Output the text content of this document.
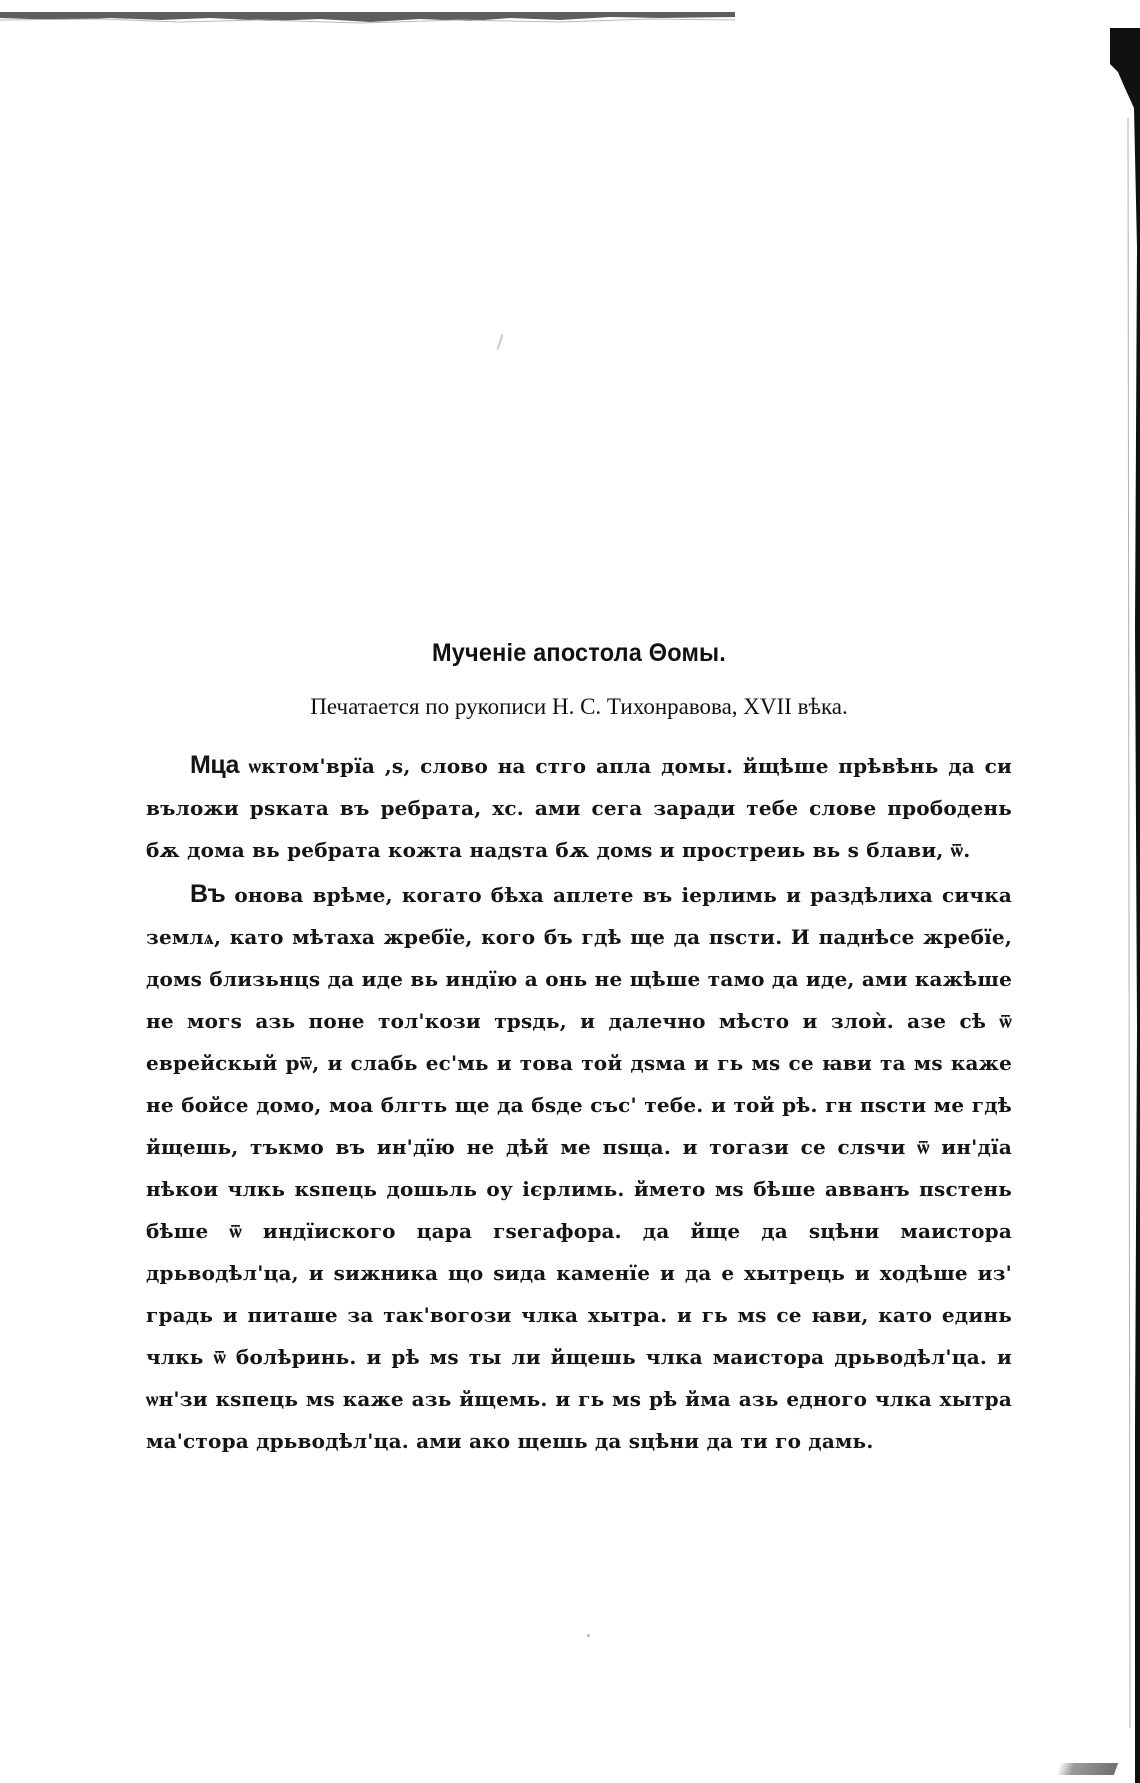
Мученіе апостола Θомы.

Печатается по рукописи Н. С. Тихонравова, XVII вѣка.

Мца ѡктом'врїа ,ѕ, слово на стго апла домы. йщѣше прѣвѣнь да си въложи рѕката въ ребрата, хс. ами сега заради тебе слове прободень бѫ дома вь ребрата кожта надѕта бѫ домѕ и простреиь вь ѕ блави, ѿ.

Въ онова врѣме, когато бѣха аплете въ іерлимь и раздѣлиха сичка землѧ, като мѣтаха жребїе, кого бъ гдѣ ще да пѕсти. И паднѣсе жребїе, домѕ близьнцѕ да иде вь индїю а онь не щѣше тамо да иде, ами кажѣше не могѕ азь поне тол'кози трѕдь, и далечно мѣсто и злоѝ. азе сѣ ѿ еврейскый рѿ, и слабь ес'мь и това той дѕма и гь мѕ се ꙗви та мѕ каже не бойсе домо, моа блгть ще да бѕде със' тебе. и той рѣ. гн пѕсти ме гдѣ йщешь, тъкмо въ ин'дїю не дѣй ме пѕща. и тогази се слѕчи ѿ ин'дїа нѣкои члкь кѕпець дошьль оу ієрлимь. йметo мѕ бѣше авванъ пѕстень бѣше ѿ индїиского царa гѕегафорa. да йще да ѕцѣни маистора дрьводѣл'ца, и ѕижника що ѕида каменїе и да е хытрець и ходѣше из' градь и питаше за так'вогози члка хытра. и гь мѕ се ꙗви, като единь члкь ѿ болѣринь. и рѣ мѕ ты ли йщешь члка маистора дрьводѣл'ца. и ѡн'зи кѕпець мѕ каже азь йщемь. и гь мѕ рѣ йма азь едного члка хытра ма'стора дрьводѣл'ца. ами ако щешь да ѕцѣни да ти го дамь.
